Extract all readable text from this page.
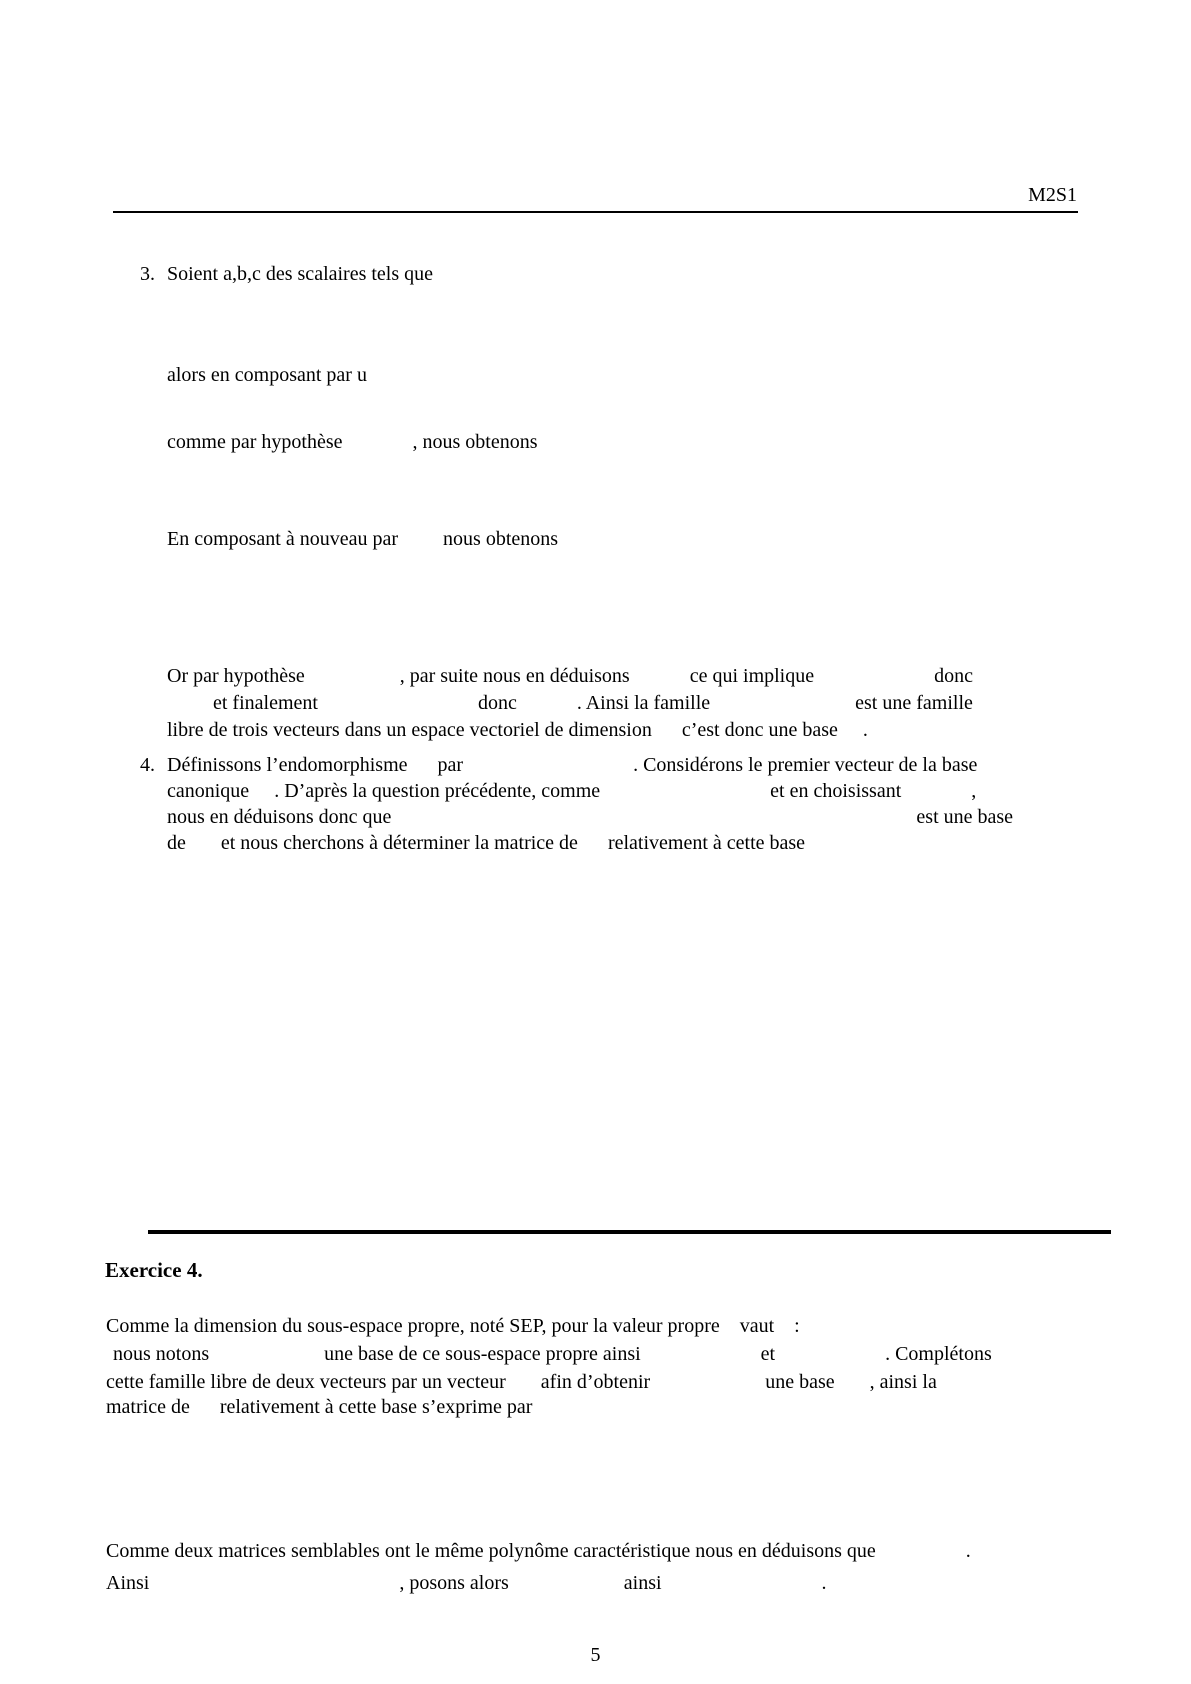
M2S1
3. Soient a,b,c des scalaires tels que
alors en composant par u
comme par hypothèse              , nous obtenons
En composant à nouveau par         nous obtenons
Or par hypothèse                   , par suite nous en déduisons            ce qui implique                        donc
et finalement                                donc            . Ainsi la famille                             est une famille
libre de trois vecteurs dans un espace vectoriel de dimension      c’est donc une base     .
4. Définissons l’endomorphisme      par                                  . Considérons le premier vecteur de la base
canonique     . D’après la question précédente, comme                                  et en choisissant              ,
nous en déduisons donc que                                                                                                         est une base
de       et nous cherchons à déterminer la matrice de      relativement à cette base
Exercice 4.
Comme la dimension du sous-espace propre, noté SEP, pour la valeur propre    vaut    :
nous notons                       une base de ce sous-espace propre ainsi                        et                      . Complétons
cette famille libre de deux vecteurs par un vecteur       afin d’obtenir                       une base       , ainsi la
matrice de      relativement à cette base s’exprime par
Comme deux matrices semblables ont le même polynôme caractéristique nous en déduisons que                  .
Ainsi                                                  , posons alors                       ainsi                                .
5
